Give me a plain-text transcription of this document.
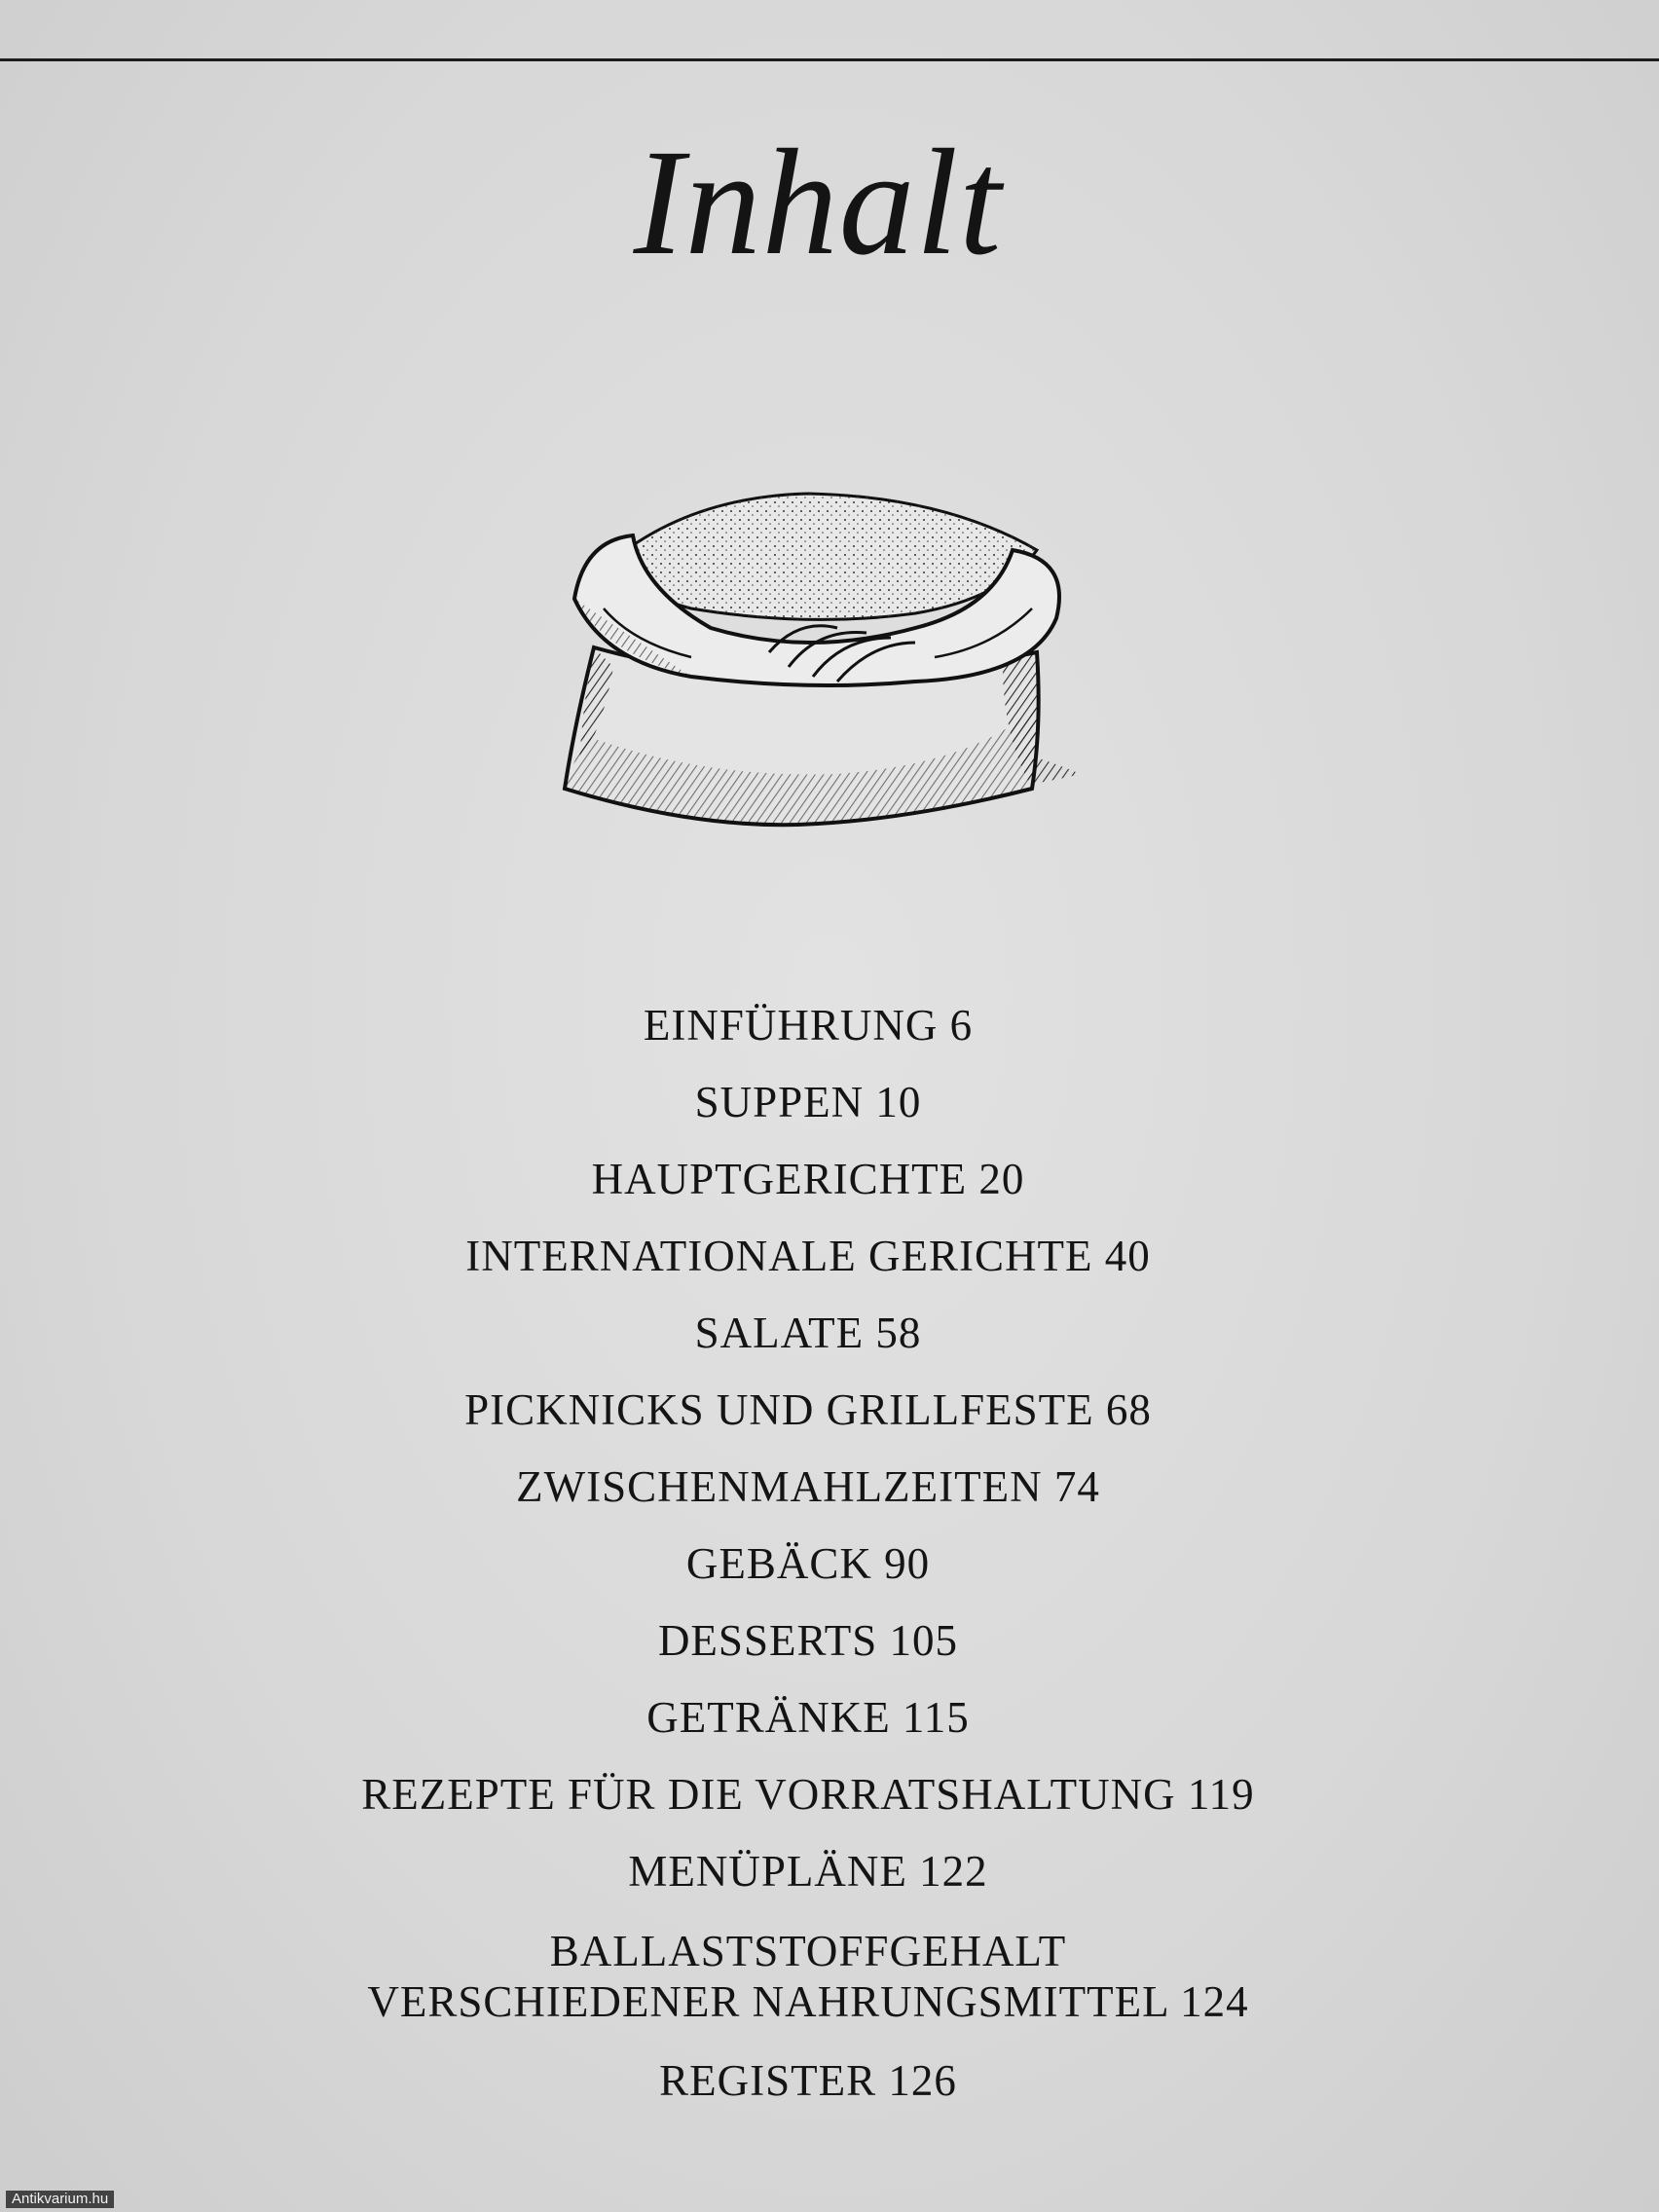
Inhalt
EINFÜHRUNG 6
SUPPEN 10
HAUPTGERICHTE 20
INTERNATIONALE GERICHTE 40
SALATE 58
PICKNICKS UND GRILLFESTE 68
ZWISCHENMAHLZEITEN 74
GEBÄCK 90
DESSERTS 105
GETRÄNKE 115
REZEPTE FÜR DIE VORRATSHALTUNG 119
MENÜPLÄNE 122
BALLASTSTOFFGEHALT
VERSCHIEDENER NAHRUNGSMITTEL 124
REGISTER 126
Antikvarium.hu
